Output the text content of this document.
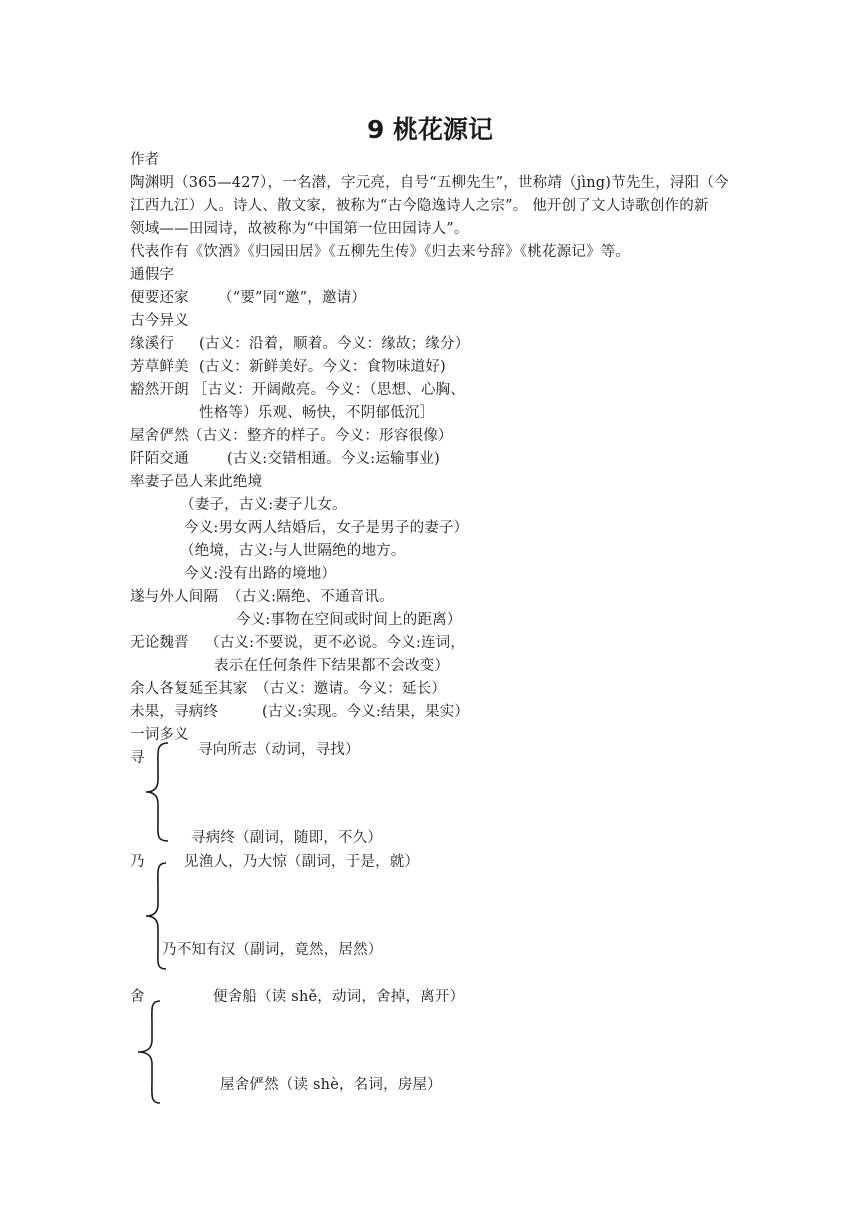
9 桃花源记
作者
陶渊明（365—427），一名潜，字元亮，自号“五柳先生”，世称靖（jìng)节先生，浔阳（今
江西九江）人。诗人、散文家，被称为“古今隐逸诗人之宗”。 他开创了文人诗歌创作的新
领域——田园诗，故被称为“中国第一位田园诗人”。
代表作有《饮酒》《归园田居》《五柳先生传》《归去来兮辞》《桃花源记》等。
通假字
便要还家 （“要”同“邀”，邀请）
古今异义
缘溪行 (古义：沿着，顺着。今义：缘故；缘分）
芳草鲜美 (古义：新鲜美好。今义：食物味道好)
豁然开朗 ［古义：开阔敞亮。今义：（思想、心胸、
性格等）乐观、畅快，不阴郁低沉］
屋舍俨然 （古义：整齐的样子。今义：形容很像）
阡陌交通	(古义:交错相通。今义:运输事业)
率妻子邑人来此绝境
（妻子，古义:妻子儿女。
今义:男女两人结婚后，女子是男子的妻子）
（绝境，古义:与人世隔绝的地方。
今义:没有出路的境地）
遂与外人间隔 （古义:隔绝、不通音讯。
今义:事物在空间或时间上的距离）
无论魏晋 （古义:不要说，更不必说。今义:连词，
表示在任何条件下结果都不会改变）
余人各复延至其家 （古义：邀请。今义：延长）
未果，寻病终	(古义:实现。今义:结果，果实）
一词多义
寻	寻向所志（动词，寻找）
寻病终（副词，随即，不久）
乃	见渔人，乃大惊（副词，于是，就）
乃不知有汉（副词，竟然，居然）
舍	便舍船（读 shě，动词，舍掉，离开）
屋舍俨然（读 shè，名词，房屋）
